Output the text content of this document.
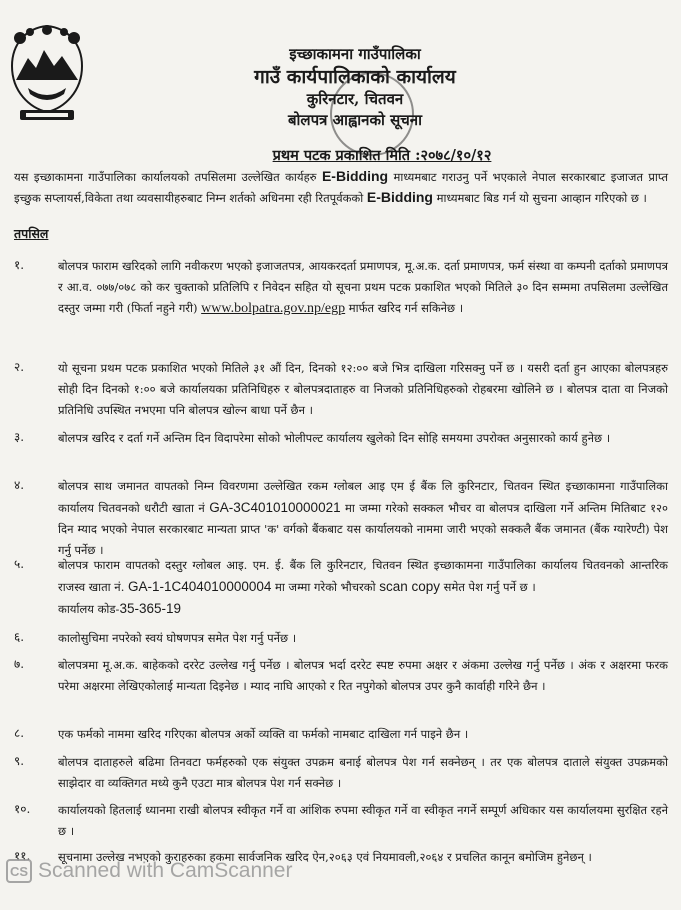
इच्छाकामना गाउँपालिका
गाउँ कार्यपालिकाको कार्यालय
कुरिनटार, चितवन
बोलपत्र आह्वानको सूचना
प्रथम पटक प्रकाशित मिति :२०७८/१०/१२
यस इच्छाकामना गाउँपालिका कार्यालयको तपसिलमा उल्लेखित कार्यहरु E-Bidding माध्यमबाट गराउनु पर्ने भएकाले नेपाल सरकारबाट इजाजत प्राप्त इच्छुक सप्लायर्स,विकेता तथा व्यवसायीहरुबाट निम्न शर्तको अधिनमा रही रितपूर्वकको E-Bidding माध्यमबाट बिड गर्न यो सुचना आव्हान गरिएको छ ।
तपसिल
१.	बोलपत्र फाराम खरिदको लागि नवीकरण भएको इजाजतपत्र, आयकरदर्ता प्रमाणपत्र, मू.अ.क. दर्ता प्रमाणपत्र, फर्म संस्था वा कम्पनी दर्ताको प्रमाणपत्र र आ.व. ०७७/०७८ को कर चुक्ताको प्रतिलिपि र निवेदन सहित यो सूचना प्रथम पटक प्रकाशित भएको मितिले ३० दिन सम्ममा तपसिलमा उल्लेखित दस्तुर जम्मा गरी (फिर्ता नहुने गरी) www.bolpatra.gov.np/egp मार्फत खरिद गर्न सकिनेछ ।
२.	यो सूचना प्रथम पटक प्रकाशित भएको मितिले ३१ औं दिन, दिनको १२:०० बजे भित्र दाखिला गरिसक्नु पर्ने छ । यसरी दर्ता हुन आएका बोलपत्रहरु सोही दिन दिनको १:०० बजे कार्यालयका प्रतिनिधिहरु र बोलपत्रदाताहरु वा निजको प्रतिनिधिहरुको रोहबरमा खोलिने छ । बोलपत्र दाता वा निजको प्रतिनिधि उपस्थित नभएमा पनि बोलपत्र खोल्न बाधा पर्ने छैन ।
३.	बोलपत्र खरिद र दर्ता गर्ने अन्तिम दिन विदापरेमा सोको भोलीपल्ट कार्यालय खुलेको दिन सोहि समयमा उपरोक्त अनुसारको कार्य हुनेछ ।
४.	बोलपत्र साथ जमानत वापतको निम्न विवरणमा उल्लेखित रकम ग्लोबल आइ एम ई बैंक लि कुरिनटार, चितवन स्थित इच्छाकामना गाउँपालिका कार्यालय चितवनको धरौटी खाता नं GA-3C401010000021 मा जम्मा गरेको सक्कल भौचर वा बोलपत्र दाखिला गर्ने अन्तिम मितिबाट १२० दिन म्याद भएको नेपाल सरकारबाट मान्यता प्राप्त 'क' वर्गको बैंकबाट यस कार्यालयको नाममा जारी भएको सक्कलै बैंक जमानत (बैंक ग्यारेण्टी) पेश गर्नु पर्नेछ ।
५.	बोलपत्र फाराम वापतको दस्तुर ग्लोबल आइ. एम. ई. बैंक लि कुरिनटार, चितवन स्थित इच्छाकामना गाउँपालिका कार्यालय चितवनको आन्तरिक राजस्व खाता नं. GA-1-1C404010000004 मा जम्मा गरेको भौचरको scan copy समेत पेश गर्नु पर्ने छ ।
कार्यालय कोड-35-365-19
६.	कालोसुचिमा नपरेको स्वयं घोषणपत्र समेत पेश गर्नु पर्नेछ ।
७.	बोलपत्रमा मू.अ.क. बाहेकको दररेट उल्लेख गर्नु पर्नेछ । बोलपत्र भर्दा दररेट स्पष्ट रुपमा अक्षर र अंकमा उल्लेख गर्नु पर्नेछ । अंक र अक्षरमा फरक परेमा अक्षरमा लेखिएकोलाई मान्यता दिइनेछ । म्याद नाघि आएको र रित नपुगेको बोलपत्र उपर कुनै कार्वाही गरिने छैन ।
८.	एक फर्मको नाममा खरिद गरिएका बोलपत्र अर्को व्यक्ति वा फर्मको नामबाट दाखिला गर्न पाइने छैन ।
९.	बोलपत्र दाताहरुले बढिमा तिनवटा फर्महरुको एक संयुक्त उपक्रम बनाई बोलपत्र पेश गर्न सक्नेछन् । तर एक बोलपत्र दाताले संयुक्त उपक्रमको साझेदार वा व्यक्तिगत मध्ये कुनै एउटा मात्र बोलपत्र पेश गर्न सक्नेछ ।
१०.	कार्यालयको हितलाई ध्यानमा राखी बोलपत्र स्वीकृत गर्ने वा आंशिक रुपमा स्वीकृत गर्ने वा स्वीकृत नगर्ने सम्पूर्ण अधिकार यस कार्यालयमा सुरक्षित रहने छ ।
११.	सूचनामा उल्लेख नभएको कुराहरुका हकमा सार्वजनिक खरिद ऐन,२०६३ एवं नियमावली,२०६४ र प्रचलित कानून बमोजिम हुनेछन् ।
CS Scanned with CamScanner
